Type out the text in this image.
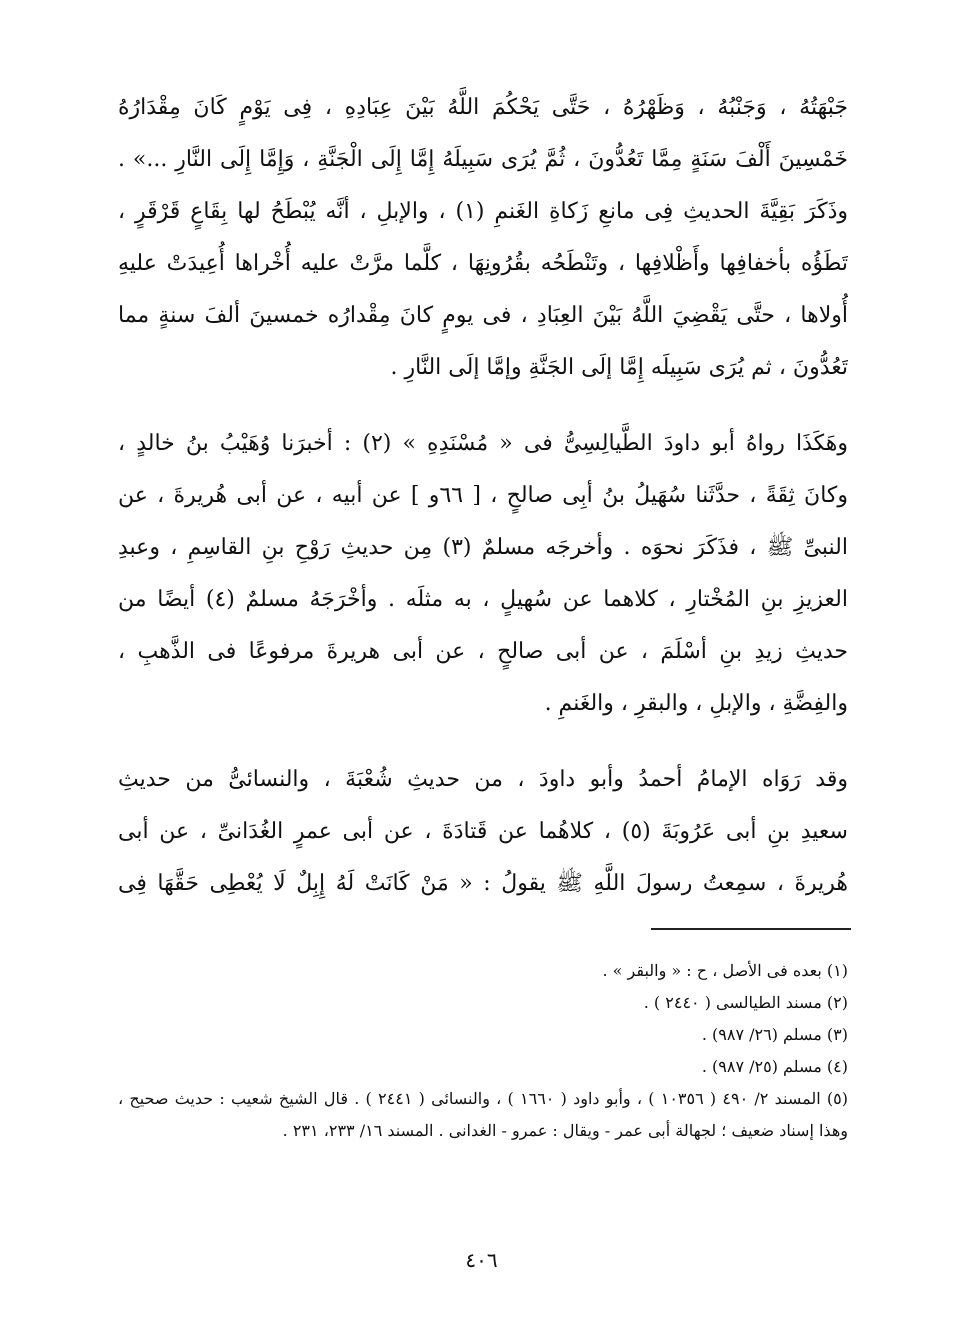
جَبْهَتُهُ ، وَجَنْبُهُ ، وَظَهْرُهُ ، حَتَّى يَحْكُمَ اللَّهُ بَيْنَ عِبَادِهِ ، فِى يَوْمٍ كَانَ مِقْدَارُهُ
خَمْسِينَ أَلْفَ سَنَةٍ مِمَّا تَعُدُّونَ ، ثُمَّ يُرَى سَبِيلَهُ إِمَّا إِلَى الْجَنَّةِ ، وَإِمَّا إِلَى النَّارِ ...» .
وذَكَرَ بَقِيَّةَ الحديثِ فِى مانعِ زَكاةِ الغَنمِ (١) ، والإبلِ ، أنَّه يُبْطَحُ لها بِقَاعٍ قَرْقَرٍ ،
تَطَؤُه بأخفافِها وأَظْلافِها ، وتَنْطَحُه بقُرُونِهَا ، كلَّما مرَّتْ عليه أُخْراها أُعِيدَتْ عليهِ
أُولاها ، حتَّى يَقْضِيَ اللَّهُ بَيْنَ العِبَادِ ، فى يومٍ كانَ مِقْدارُه خمسينَ ألفَ سنةٍ مما
تَعُدُّونَ ، ثم يُرَى سَبِيلَه إِمَّا إلَى الجَنَّةِ وإمَّا إلَى النَّارِ .

وهَكَذَا رواهُ أبو داودَ الطَّيالِسِىُّ فى « مُسْنَدِهِ » (٢) : أخبرَنا وُهَيْبُ بنُ خالدٍ ،
وكانَ ثِقَةً ، حدَّثَنا سُهَيلُ بنُ أبِى صالحٍ ، [ ٦٦و ] عن أبيه ، عن أبى هُريرةَ ، عن
النبىِّ ﷺ ، فذَكَرَ نحوَه . وأخرجَه مسلمٌ (٣) مِن حديثِ رَوْحِ بنِ القاسِمِ ، وعبدِ
العزيزِ بنِ المُخْتارِ ، كلاهما عن سُهيلٍ ، به مثلَه . وأخْرَجَهُ مسلمٌ (٤) أيضًا من
حديثِ زيدِ بنِ أسْلَمَ ، عن أبى صالحٍ ، عن أبى هريرةَ مرفوعًا فى الذَّهبِ ،
والفِضَّةِ ، والإبلِ ، والبقرِ ، والغَنمِ .

وقد رَوَاه الإمامُ أحمدُ وأبو داودَ ، من حديثِ شُعْبَةَ ، والنسائىُّ من حديثِ
سعيدِ بنِ أبى عَرُوبَةَ (٥) ، كلاهُما عن قَتادَةَ ، عن أبى عمرٍ الغُدَانىِّ ، عن أبى
هُريرةَ ، سمِعتُ رسولَ اللَّهِ ﷺ يقولُ : « مَنْ كَانَتْ لَهُ إِبِلٌ لَا يُعْطِى حَقَّهَا فِى

(١) بعده فى الأصل ، ح : « والبقر » .
(٢) مسند الطيالسى ( ٢٤٤٠ ) .
(٣) مسلم (٢٦/ ٩٨٧) .
(٤) مسلم (٢٥/ ٩٨٧) .
(٥) المسند ٢/ ٤٩٠ ( ١٠٣٥٦ ) ، وأبو داود ( ١٦٦٠ ) ، والنسائى ( ٢٤٤١ ) . قال الشيخ شعيب : حديث صحيح ، وهذا إسناد ضعيف ؛ لجهالة أبى عمر - ويقال : عمرو - الغدانى . المسند ١٦/ ٢٣٣، ٢٣١ .
٤٠٦
